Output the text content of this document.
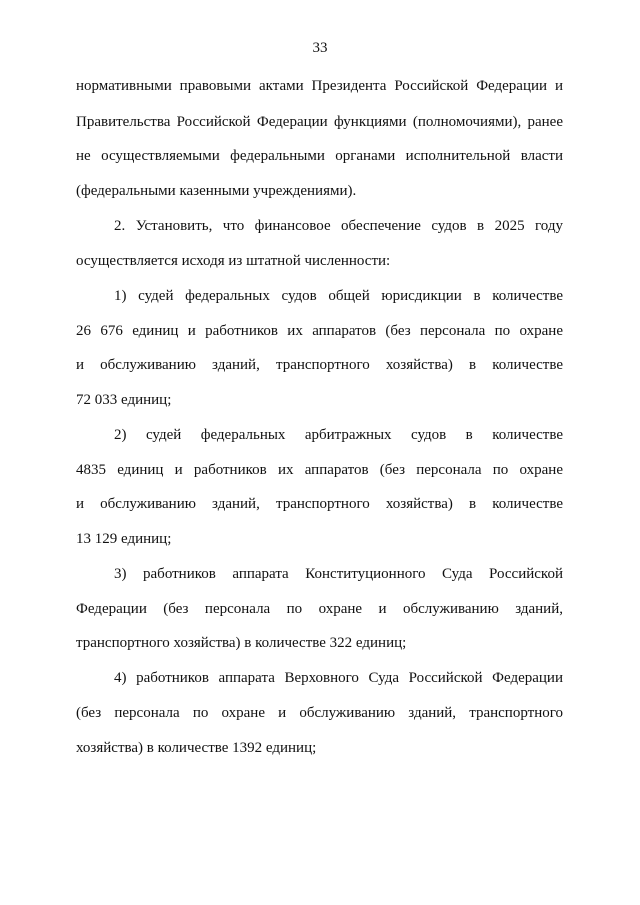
33
нормативными правовыми актами Президента Российской Федерации и
Правительства Российской Федерации функциями (полномочиями), ранее
не осуществляемыми федеральными органами исполнительной власти
(федеральными казенными учреждениями).
2. Установить, что финансовое обеспечение судов в 2025 году
осуществляется исходя из штатной численности:
1) судей федеральных судов общей юрисдикции в количестве
26 676 единиц и работников их аппаратов (без персонала по охране
и обслуживанию зданий, транспортного хозяйства) в количестве
72 033 единиц;
2) судей федеральных арбитражных судов в количестве
4835 единиц и работников их аппаратов (без персонала по охране
и обслуживанию зданий, транспортного хозяйства) в количестве
13 129 единиц;
3) работников аппарата Конституционного Суда Российской
Федерации (без персонала по охране и обслуживанию зданий,
транспортного хозяйства) в количестве 322 единиц;
4) работников аппарата Верховного Суда Российской Федерации
(без персонала по охране и обслуживанию зданий, транспортного
хозяйства) в количестве 1392 единиц;
